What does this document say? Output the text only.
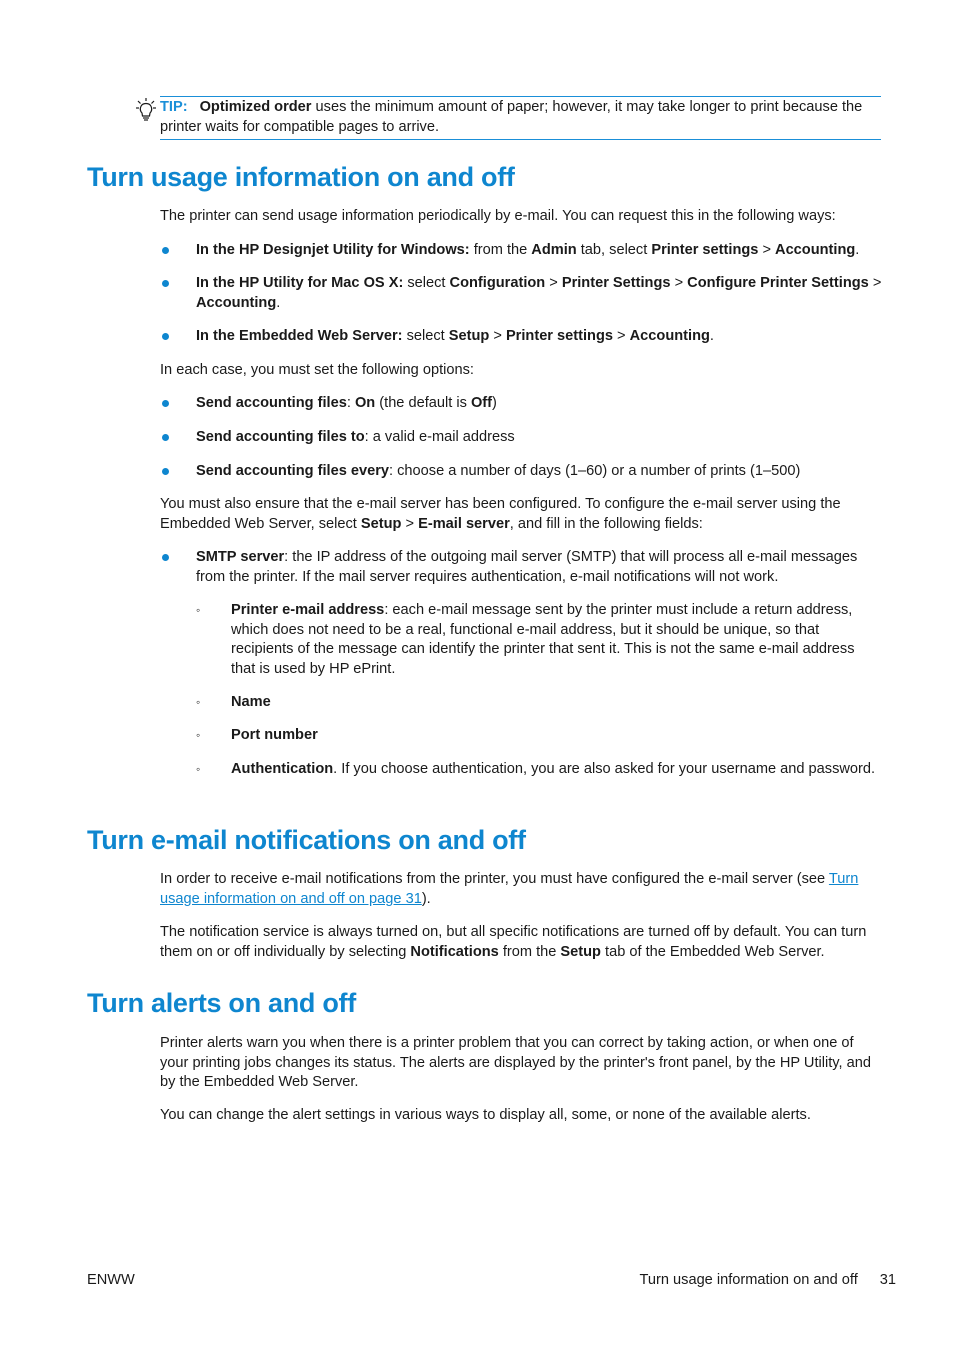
TIP: Optimized order uses the minimum amount of paper; however, it may take longer to print because the printer waits for compatible pages to arrive.
Turn usage information on and off

The printer can send usage information periodically by e-mail. You can request this in the following ways:

In the HP Designjet Utility for Windows: from the Admin tab, select Printer settings > Accounting.
In the HP Utility for Mac OS X: select Configuration > Printer Settings > Configure Printer Settings > Accounting.
In the Embedded Web Server: select Setup > Printer settings > Accounting.

In each case, you must set the following options:

Send accounting files: On (the default is Off)
Send accounting files to: a valid e-mail address
Send accounting files every: choose a number of days (1–60) or a number of prints (1–500)

You must also ensure that the e-mail server has been configured. To configure the e-mail server using the Embedded Web Server, select Setup > E-mail server, and fill in the following fields:

SMTP server: the IP address of the outgoing mail server (SMTP) that will process all e-mail messages from the printer. If the mail server requires authentication, e-mail notifications will not work.
◦ Printer e-mail address: each e-mail message sent by the printer must include a return address, which does not need to be a real, functional e-mail address, but it should be unique, so that recipients of the message can identify the printer that sent it. This is not the same e-mail address that is used by HP ePrint.
◦ Name
◦ Port number
◦ Authentication. If you choose authentication, you are also asked for your username and password.
Turn e-mail notifications on and off

In order to receive e-mail notifications from the printer, you must have configured the e-mail server (see Turn usage information on and off on page 31).

The notification service is always turned on, but all specific notifications are turned off by default. You can turn them on or off individually by selecting Notifications from the Setup tab of the Embedded Web Server.

Turn alerts on and off

Printer alerts warn you when there is a printer problem that you can correct by taking action, or when one of your printing jobs changes its status. The alerts are displayed by the printer's front panel, by the HP Utility, and by the Embedded Web Server.

You can change the alert settings in various ways to display all, some, or none of the available alerts.

ENWW	Turn usage information on and off 31
